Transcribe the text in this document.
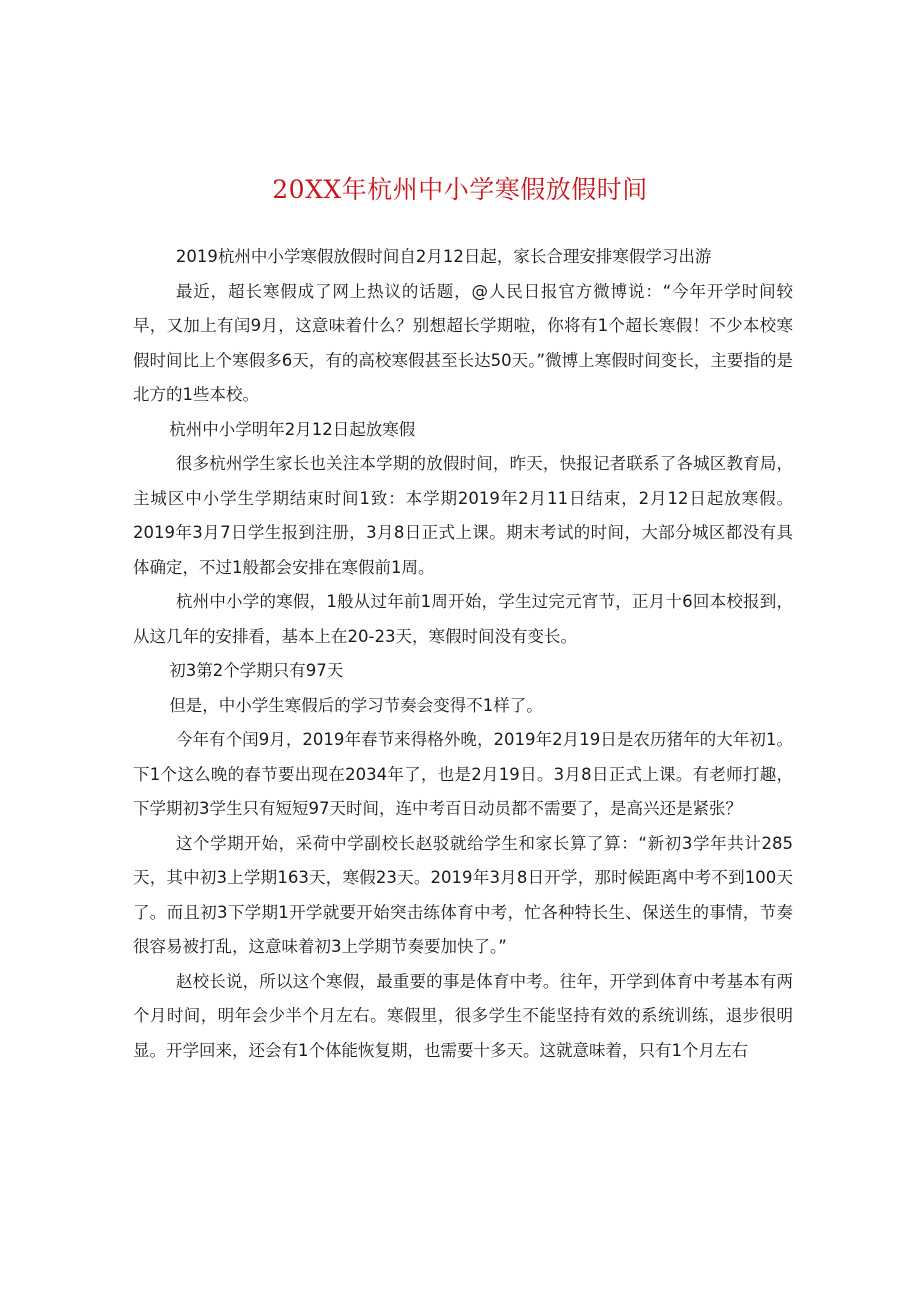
20XX年杭州中小学寒假放假时间

2019杭州中小学寒假放假时间自2月12日起，家长合理安排寒假学习出游

最近，超长寒假成了网上热议的话题，@人民日报官方微博说：“今年开学时间较早，又加上有闰9月，这意味着什么？别想超长学期啦，你将有1个超长寒假！不少本校寒假时间比上个寒假多6天，有的高校寒假甚至长达50天。”微博上寒假时间变长，主要指的是北方的1些本校。

杭州中小学明年2月12日起放寒假

很多杭州学生家长也关注本学期的放假时间，昨天，快报记者联系了各城区教育局，主城区中小学生学期结束时间1致：本学期2019年2月11日结束，2月12日起放寒假。2019年3月7日学生报到注册，3月8日正式上课。期末考试的时间，大部分城区都没有具体确定，不过1般都会安排在寒假前1周。

杭州中小学的寒假，1般从过年前1周开始，学生过完元宵节，正月十6回本校报到，从这几年的安排看，基本上在20-23天，寒假时间没有变长。

初3第2个学期只有97天

但是，中小学生寒假后的学习节奏会变得不1样了。

今年有个闰9月，2019年春节来得格外晚，2019年2月19日是农历猪年的大年初1。下1个这么晚的春节要出现在2034年了，也是2月19日。3月8日正式上课。有老师打趣，下学期初3学生只有短短97天时间，连中考百日动员都不需要了，是高兴还是紧张？

这个学期开始，采荷中学副校长赵驳就给学生和家长算了算：“新初3学年共计285天，其中初3上学期163天，寒假23天。2019年3月8日开学，那时候距离中考不到100天了。而且初3下学期1开学就要开始突击练体育中考，忙各种特长生、保送生的事情，节奏很容易被打乱，这意味着初3上学期节奏要加快了。”

赵校长说，所以这个寒假，最重要的事是体育中考。往年，开学到体育中考基本有两个月时间，明年会少半个月左右。寒假里，很多学生不能坚持有效的系统训练，退步很明显。开学回来，还会有1个体能恢复期，也需要十多天。这就意味着，只有1个月左右
